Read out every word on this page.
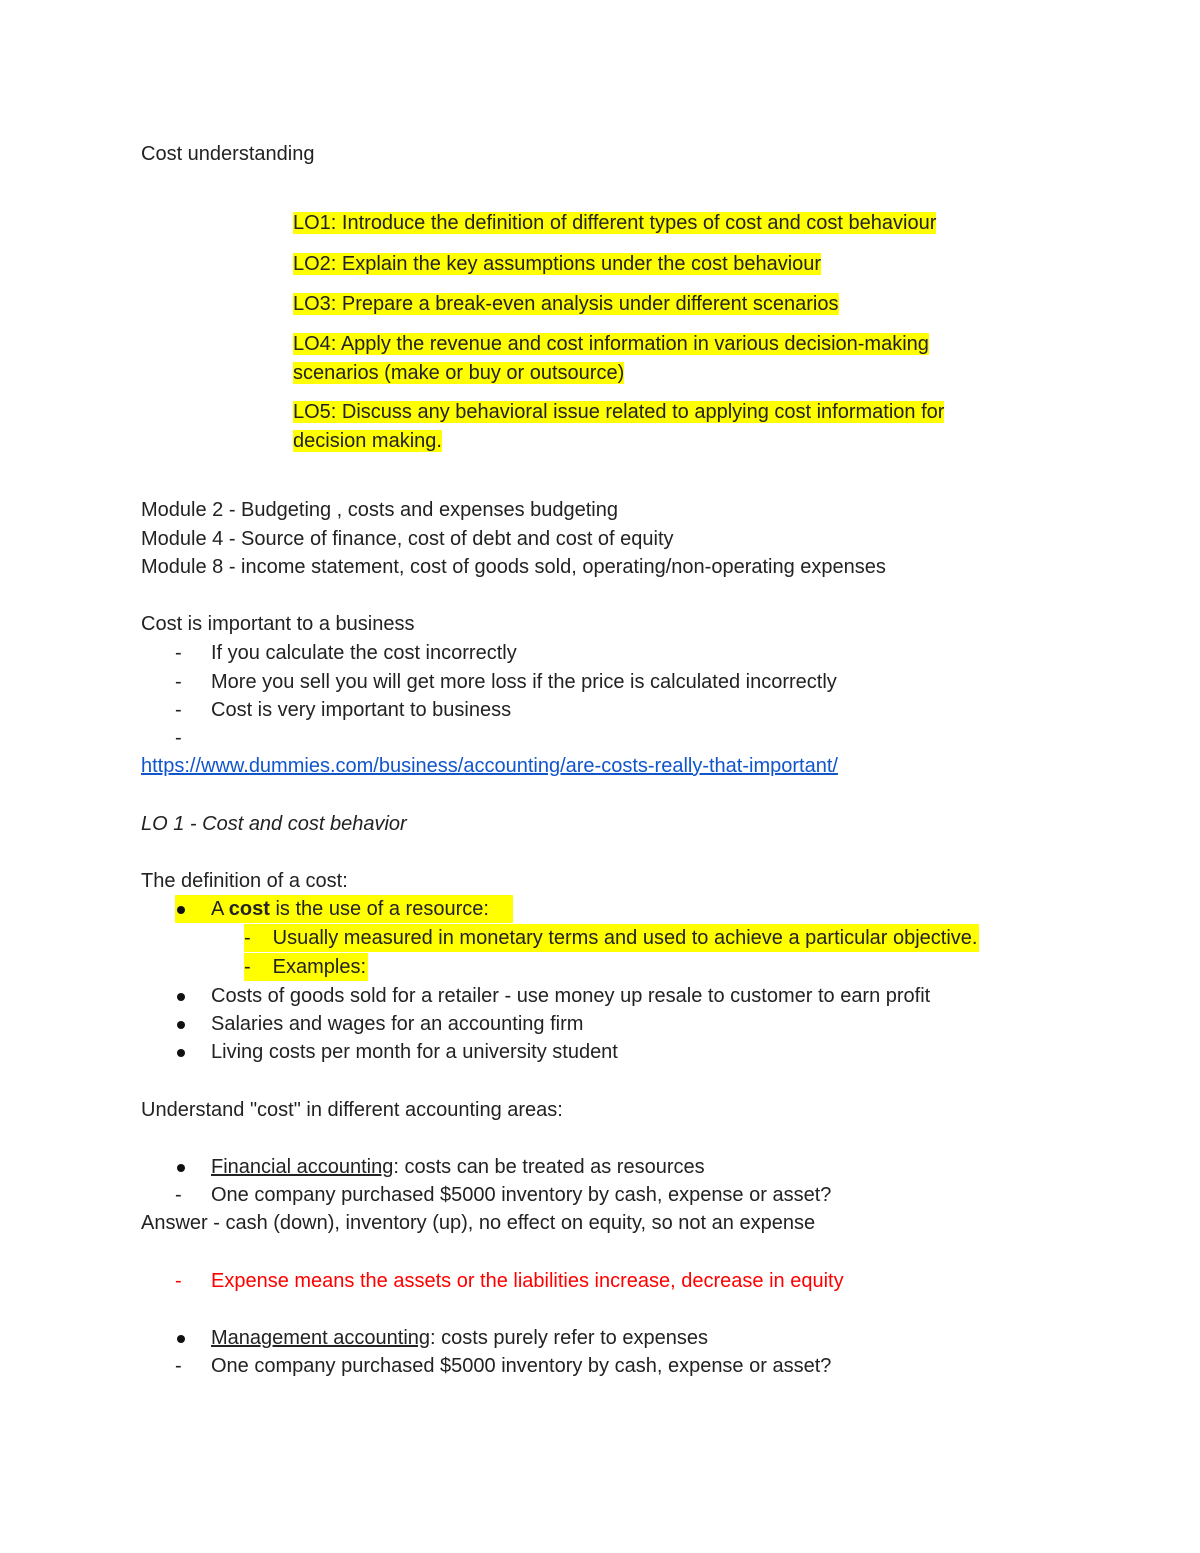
Cost understanding
LO1: Introduce the definition of different types of cost and cost behaviour
LO2: Explain the key assumptions under the cost behaviour
LO3: Prepare a break-even analysis under different scenarios
LO4: Apply the revenue and cost information in various decision-making scenarios (make or buy or outsource)
LO5: Discuss any behavioral issue related to applying cost information for decision making.
Module 2 - Budgeting , costs and expenses budgeting
Module 4 - Source of finance, cost of debt and cost of equity
Module 8 - income statement, cost of goods sold, operating/non-operating expenses
Cost is important to a business
- If you calculate the cost incorrectly
- More you sell you will get more loss if the price is calculated incorrectly
- Cost is very important to business
-
https://www.dummies.com/business/accounting/are-costs-really-that-important/
LO 1 - Cost and cost behavior
The definition of a cost:
A cost is the use of a resource:
- Usually measured in monetary terms and used to achieve a particular objective.
- Examples:
Costs of goods sold for a retailer - use money up resale to customer to earn profit
Salaries and wages for an accounting firm
Living costs per month for a university student
Understand "cost" in different accounting areas:
Financial accounting: costs can be treated as resources
- One company purchased $5000 inventory by cash, expense or asset?
Answer - cash (down), inventory (up), no effect on equity, so not an expense
- Expense means the assets or the liabilities increase, decrease in equity
Management accounting: costs purely refer to expenses
- One company purchased $5000 inventory by cash, expense or asset?
